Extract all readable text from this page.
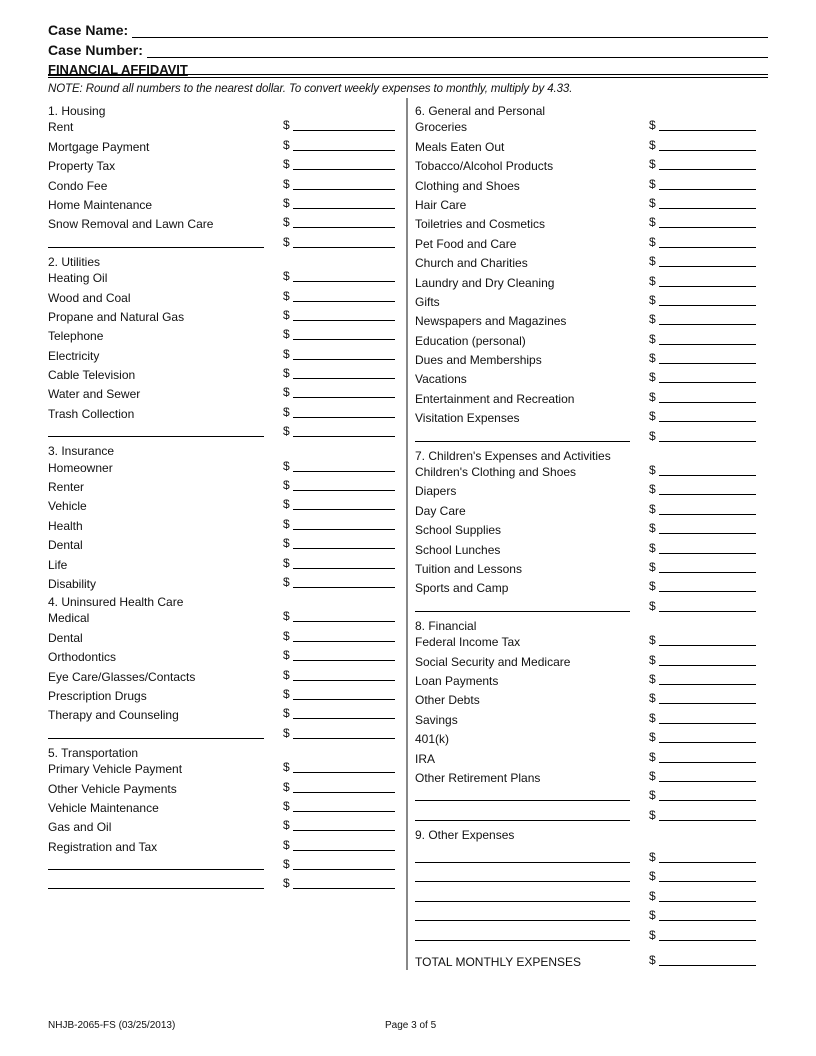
Case Name:
Case Number:
FINANCIAL AFFIDAVIT
NOTE: Round all numbers to the nearest dollar. To convert weekly expenses to monthly, multiply by 4.33.
1. Housing
Rent	$
Mortgage Payment	$
Property Tax	$
Condo Fee	$
Home Maintenance	$
Snow Removal and Lawn Care	$
$
2. Utilities
Heating Oil	$
Wood and Coal	$
Propane and Natural Gas	$
Telephone	$
Electricity	$
Cable Television	$
Water and Sewer	$
Trash Collection	$
$
3. Insurance
Homeowner	$
Renter	$
Vehicle	$
Health	$
Dental	$
Life	$
Disability	$
4. Uninsured Health Care
Medical	$
Dental	$
Orthodontics	$
Eye Care/Glasses/Contacts	$
Prescription Drugs	$
Therapy and Counseling	$
$
5. Transportation
Primary Vehicle Payment	$
Other Vehicle Payments	$
Vehicle Maintenance	$
Gas and Oil	$
Registration and Tax	$
$
$
6. General and Personal
Groceries	$
Meals Eaten Out	$
Tobacco/Alcohol Products	$
Clothing and Shoes	$
Hair Care	$
Toiletries and Cosmetics	$
Pet Food and Care	$
Church and Charities	$
Laundry and Dry Cleaning	$
Gifts	$
Newspapers and Magazines	$
Education (personal)	$
Dues and Memberships	$
Vacations	$
Entertainment and Recreation	$
Visitation Expenses	$
$
7. Children's Expenses and Activities
Children's Clothing and Shoes	$
Diapers	$
Day Care	$
School Supplies	$
School Lunches	$
Tuition and Lessons	$
Sports and Camp	$
$
8. Financial
Federal Income Tax	$
Social Security and Medicare	$
Loan Payments	$
Other Debts	$
Savings	$
401(k)	$
IRA	$
Other Retirement Plans	$
$
$
9. Other Expenses
$
$
$
$
$
TOTAL MONTHLY EXPENSES	$
NHJB-2065-FS (03/25/2013)	Page 3 of 5
